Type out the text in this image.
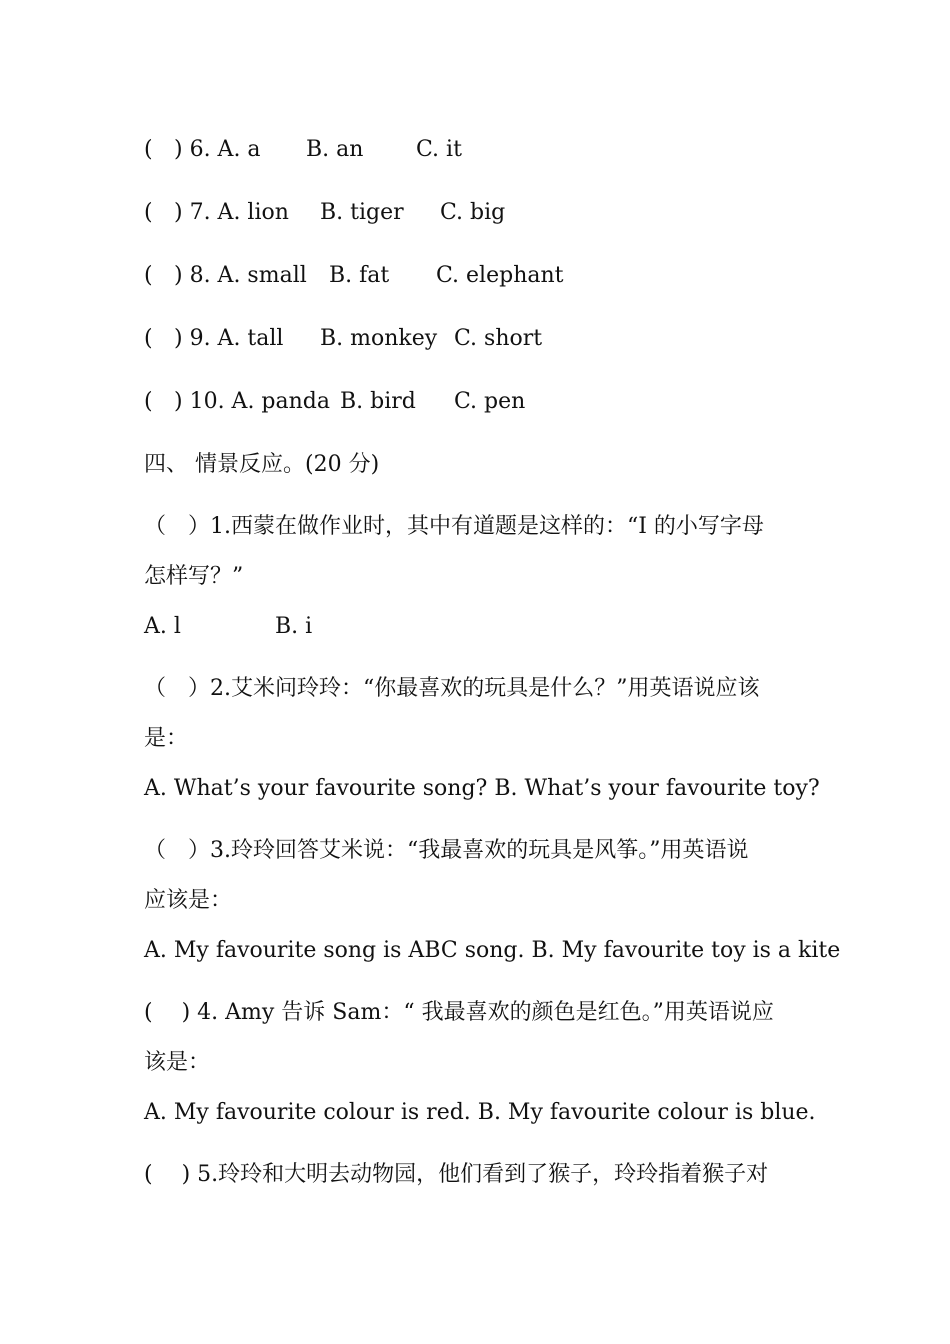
( ) 6. A. a B. an C. it
( ) 7. A. lion B. tiger C. big
( ) 8. A. small B. fat C. elephant
( ) 9. A. tall B. monkey C. short
( ) 10. A. panda B. bird C. pen
四、 情景反应。(20 分)
（　）1.西蒙在做作业时，其中有道题是这样的：“I 的小写字母
怎样写？”
A. l	B. i
（　）2.艾米问玲玲：“你最喜欢的玩具是什么？”用英语说应该
是：
A. What’s your favourite song? B. What’s your favourite toy?
（　）3.玲玲回答艾米说：“我最喜欢的玩具是风筝。”用英语说
应该是：
A. My favourite song is ABC song. B. My favourite toy is a kite
(　 ) 4. Amy 告诉 Sam：“ 我最喜欢的颜色是红色。”用英语说应
该是：
A. My favourite colour is red. B. My favourite colour is blue.
(　 ) 5.玲玲和大明去动物园，他们看到了猴子，玲玲指着猴子对
